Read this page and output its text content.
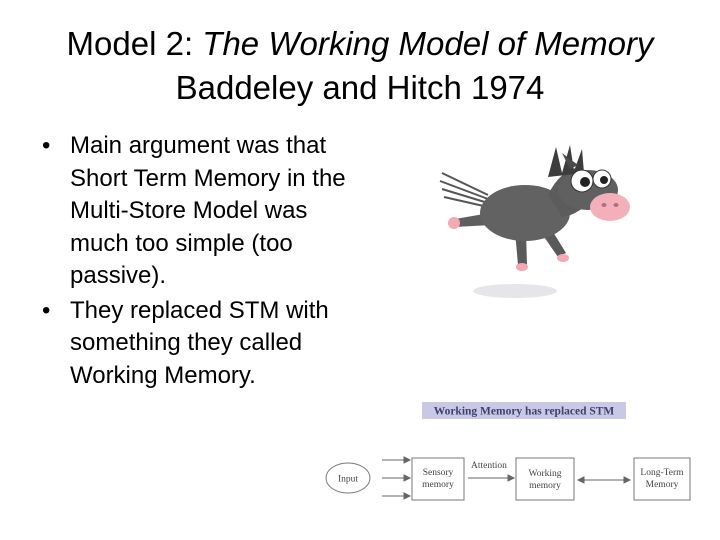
Model 2: The Working Model of Memory
Baddeley and Hitch 1974
• Main argument was that Short Term Memory in the Multi-Store Model was much too simple (too passive).
• They replaced STM with something they called Working Memory.
Working Memory has replaced STM
Input
Sensory
memory
Attention
Working
memory
Long-Term
Memory
